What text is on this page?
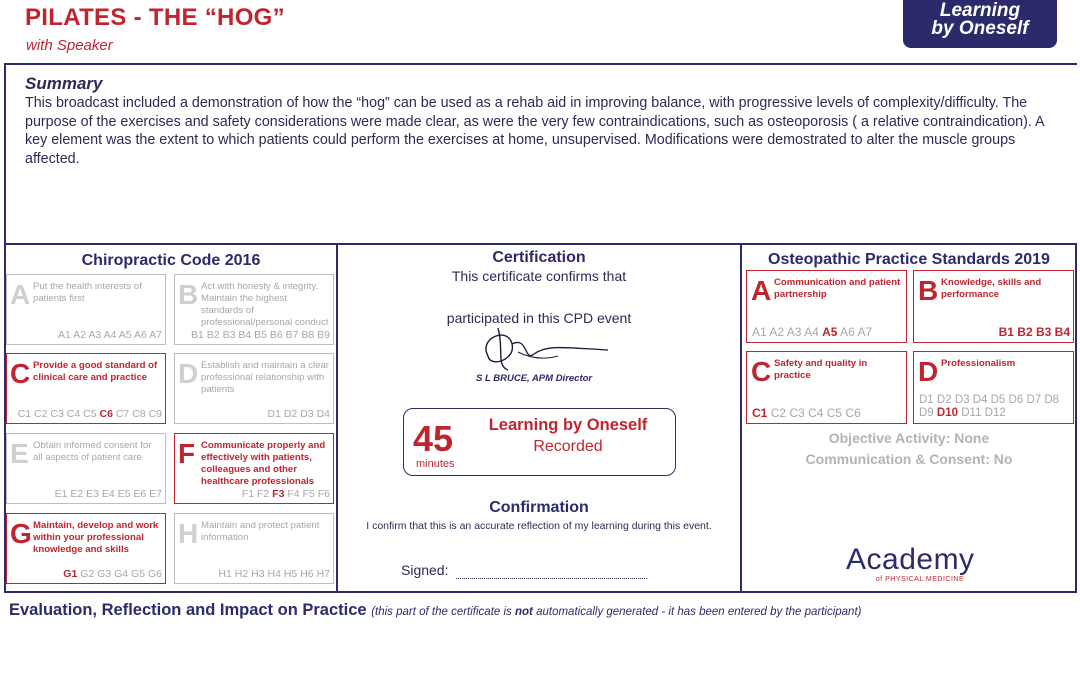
PILATES - THE “HOG”
with Speaker
Learning
by Oneself
Summary
This broadcast included a demonstration of how the “hog” can be used as a rehab aid in improving balance, with progressive levels of complexity/difficulty. The purpose of the exercises and safety considerations were made clear, as were the very few contraindications, such as osteoporosis ( a relative contraindication). A key element was the extent to which patients could perform the exercises at home, unsupervised. Modifications were demostrated to alter the muscle groups affected.
Chiropractic Code 2016
A Put the health interests of patients first
A1 A2 A3 A4 A5 A6 A7
B Act with honesty & integrity. Maintain the highest standards of professional/personal conduct
B1 B2 B3 B4 B5 B6 B7 B8 B9
C Provide a good standard of clinical care and practice
C1 C2 C3 C4 C5 C6 C7 C8 C9
D Establish and maintain a clear professional relationship with patients
D1 D2 D3 D4
E Obtain informed consent for all aspects of patient care
E1 E2 E3 E4 E5 E6 E7
F Communicate properly and effectively with patients, colleagues and other healthcare professionals
F1 F2 F3 F4 F5 F6
G Maintain, develop and work within your professional knowledge and skills
G1 G2 G3 G4 G5 G6
H Maintain and protect patient information
H1 H2 H3 H4 H5 H6 H7
Certification
This certificate confirms that
participated in this CPD event
S L BRUCE, APM Director
45
minutes
Learning by Oneself
Recorded
Confirmation
I confirm that this is an accurate reflection of my learning during this event.
Signed:
Osteopathic Practice Standards 2019
A Communication and patient partnership
A1 A2 A3 A4 A5 A6 A7
B Knowledge, skills and performance
B1 B2 B3 B4
C Safety and quality in practice
C1 C2 C3 C4 C5 C6
D Professionalism
D1 D2 D3 D4 D5 D6 D7 D8 D9 D10 D11 D12
Objective Activity: None
Communication & Consent: No
Academy
of PHYSICAL MEDICINE
Evaluation, Reflection and Impact on Practice (this part of the certificate is not automatically generated - it has been entered by the participant)
